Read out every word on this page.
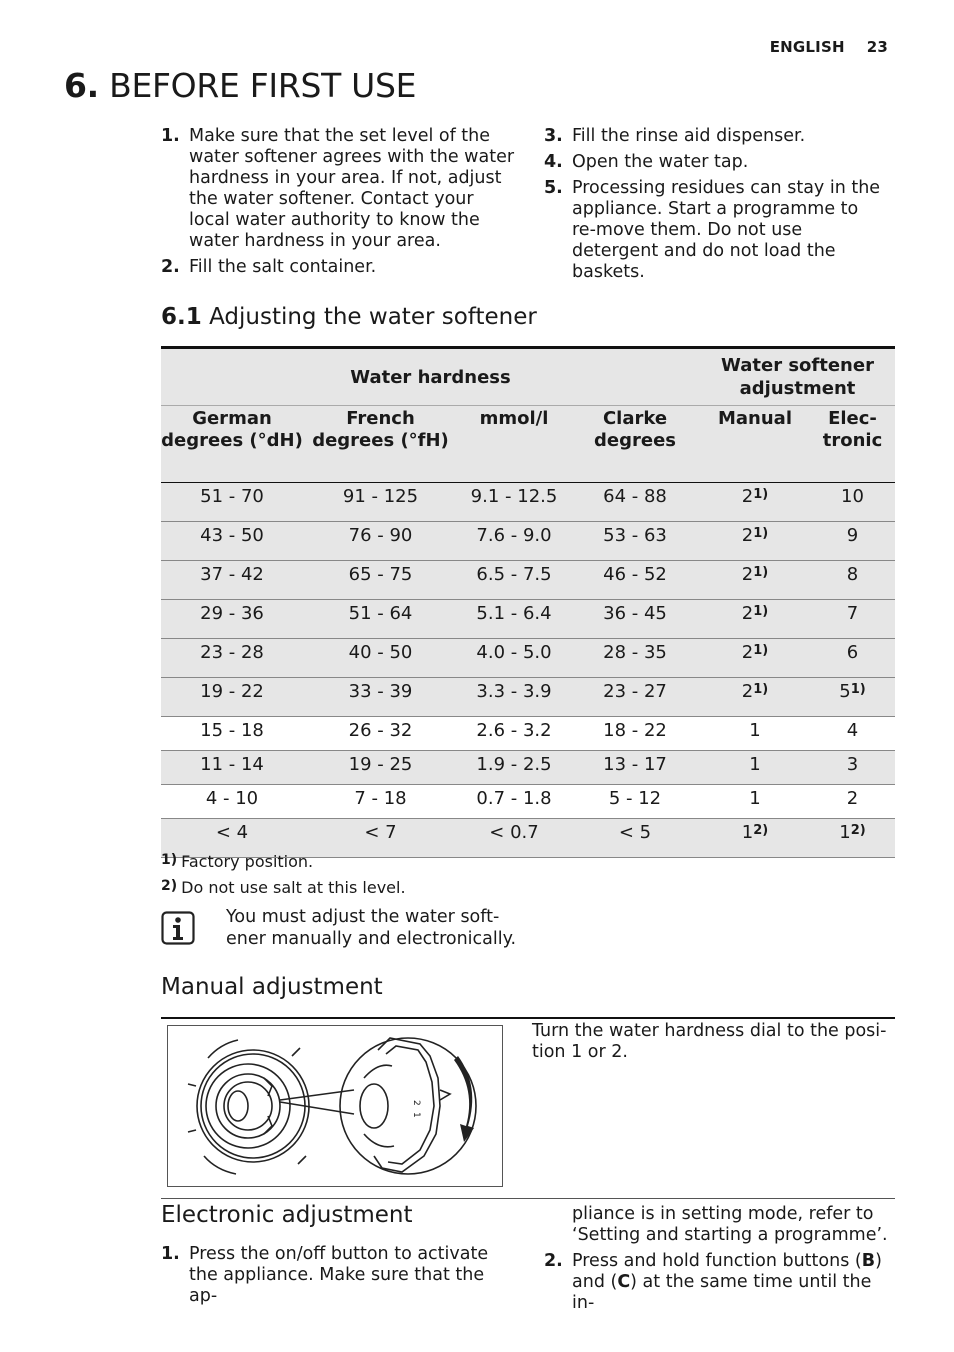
ENGLISH 23
6. BEFORE FIRST USE
1. Make sure that the set level of the water softener agrees with the water hardness in your area. If not, adjust the water softener. Contact your local water authority to know the water hardness in your area.
2. Fill the salt container.
3. Fill the rinse aid dispenser.
4. Open the water tap.
5. Processing residues can stay in the appliance. Start a programme to re-move them. Do not use detergent and do not load the baskets.
6.1 Adjusting the water softener
Water hardness				Water softener adjustment	
German degrees (°dH)	French degrees (°fH)	mmol/l	Clarke degrees	Manual	Elec-tronic
51 - 70	91 - 125	9.1 - 12.5	64 - 88	2$^{1)}$	10
43 - 50	76 - 90	7.6 - 9.0	53 - 63	2$^{1)}$	9
37 - 42	65 - 75	6.5 - 7.5	46 - 52	2$^{1)}$	8
29 - 36	51 - 64	5.1 - 6.4	36 - 45	2$^{1)}$	7
23 - 28	40 - 50	4.0 - 5.0	28 - 35	2$^{1)}$	6
19 - 22	33 - 39	3.3 - 3.9	23 - 27	2$^{1)}$	5$^{1)}$
15 - 18	26 - 32	2.6 - 3.2	18 - 22	1	4
11 - 14	19 - 25	1.9 - 2.5	13 - 17	1	3
4 - 10	7 - 18	0.7 - 1.8	5 - 12	1	2
< 4	< 7	< 0.7	< 5	1$^{2)}$	1$^{2)}$
1) Factory position.
2) Do not use salt at this level.
You must adjust the water soft-ener manually and electronically.
Manual adjustment
2
1
Turn the water hardness dial to the posi-tion 1 or 2.
Electronic adjustment
1. Press the on/off button to activate the appliance. Make sure that the ap-
pliance is in setting mode, refer to ‘Setting and starting a programme’.
2. Press and hold function buttons (B) and (C) at the same time until the in-
